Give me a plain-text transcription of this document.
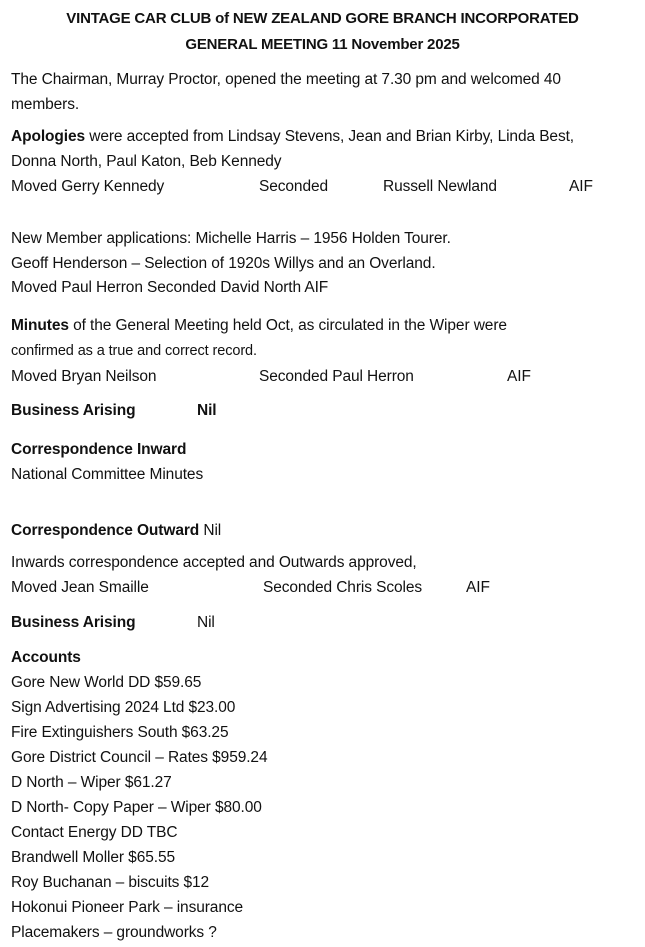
VINTAGE CAR CLUB of NEW ZEALAND GORE BRANCH INCORPORATED
GENERAL MEETING 11 November 2025
The Chairman, Murray Proctor, opened the meeting at 7.30 pm and welcomed 40
members.
Apologies were accepted from Lindsay Stevens, Jean and Brian Kirby, Linda Best,
Donna North, Paul Katon, Beb Kennedy
Moved Gerry Kennedy	Seconded	Russell Newland	AIF
New Member applications: Michelle Harris – 1956 Holden Tourer.
Geoff Henderson – Selection of 1920s Willys and an Overland.
Moved Paul Herron Seconded David North AIF
Minutes of the General Meeting held Oct, as circulated in the Wiper were
confirmed as a true and correct record.
Moved Bryan Neilson	Seconded Paul Herron	AIF
Business Arising	Nil
Correspondence Inward
National Committee Minutes
Correspondence Outward Nil
Inwards correspondence accepted and Outwards approved,
Moved Jean Smaille	Seconded Chris Scoles	AIF
Business Arising	Nil
Accounts
Gore New World DD $59.65
Sign Advertising 2024 Ltd $23.00
Fire Extinguishers South $63.25
Gore District Council – Rates $959.24
D North – Wiper $61.27
D North- Copy Paper – Wiper $80.00
Contact Energy DD TBC
Brandwell Moller $65.55
Roy Buchanan – biscuits $12
Hokonui Pioneer Park – insurance
Placemakers – groundworks ?
